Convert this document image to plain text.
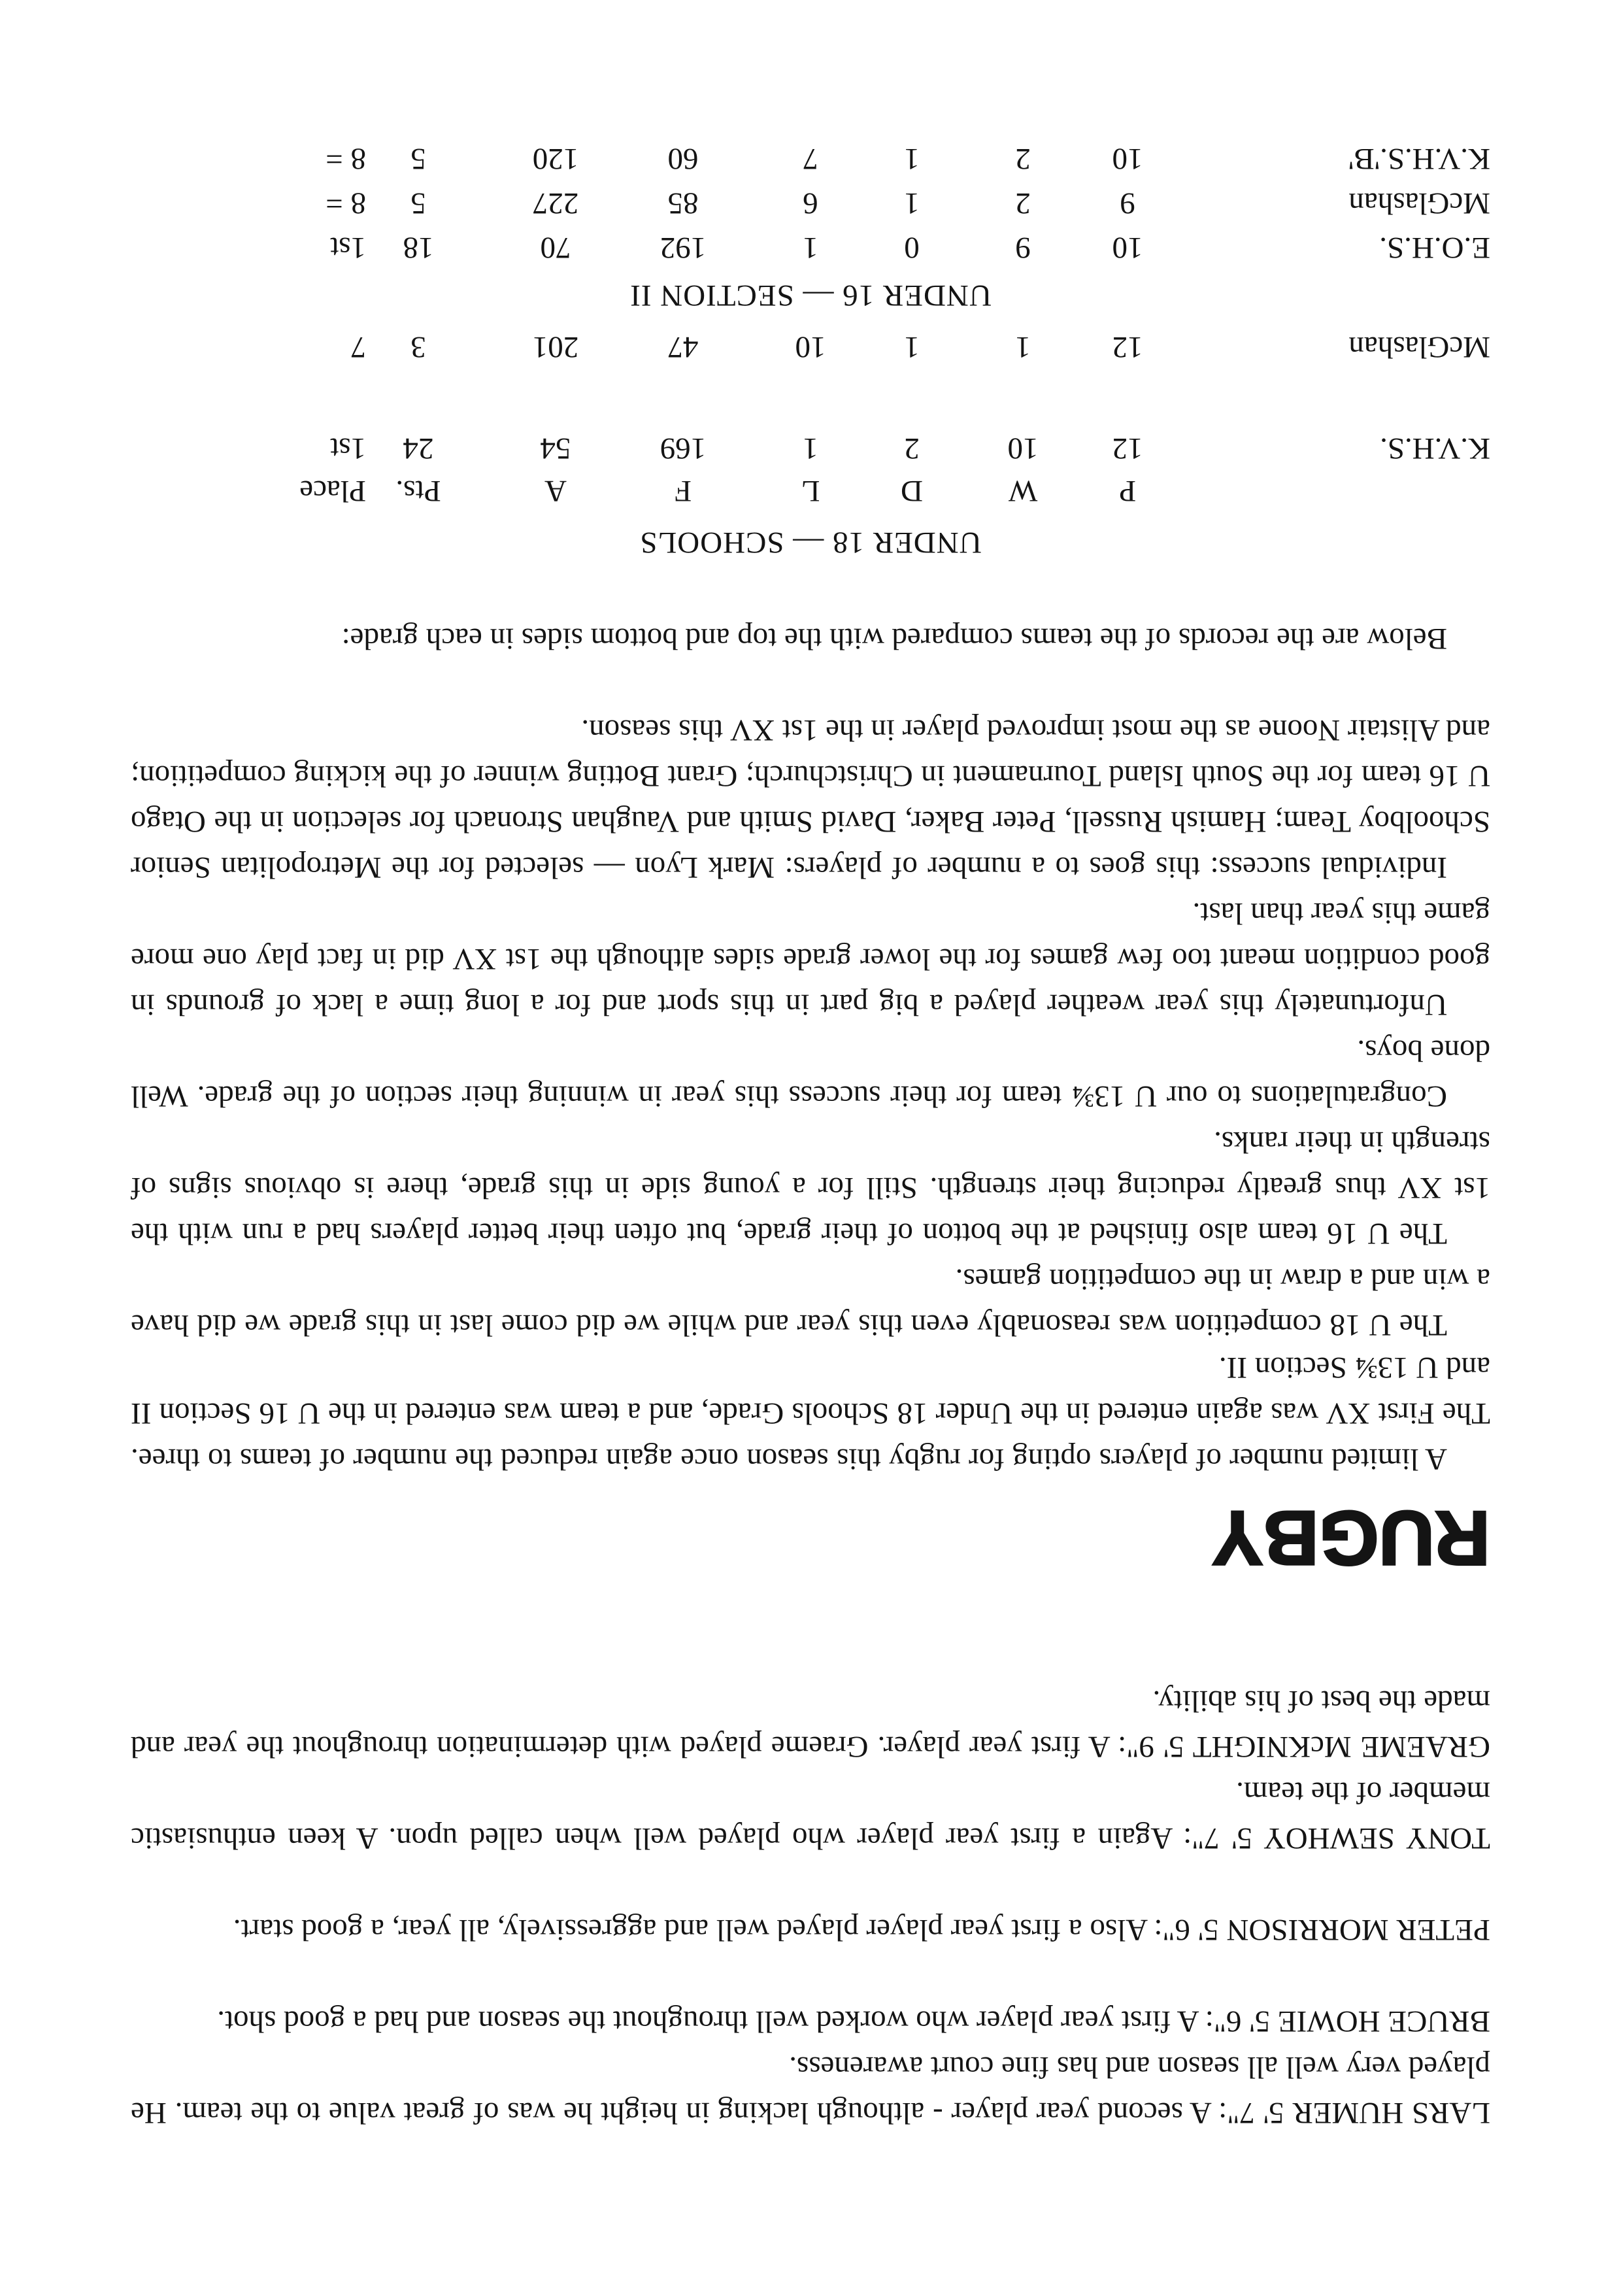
LARS HUMER 5' 7": A second year player - although lacking in height he was of great value to the team. He played very well all season and has fine court awareness.

BRUCE HOWIE 5' 6": A first year player who worked well throughout the season and had a good shot.

PETER MORRISON 5' 6": Also a first year player played well and aggressively, all year, a good start.

TONY SEWHOY 5' 7": Again a first year player who played well when called upon. A keen enthusiastic member of the team.

GRAEME McKNIGHT 5' 9": A first year player. Graeme played with determination throughout the year and made the best of his ability.

RUGBY

A limited number of players opting for rugby this season once again reduced the number of teams to three. The First XV was again entered in the Under 18 Schools Grade, and a team was entered in the U 16 Section II and U 13¾ Section II.

The U 18 competition was reasonably even this year and while we did come last in this grade we did have a win and a draw in the competition games.

The U 16 team also finished at the botton of their grade, but often their better players had a run with the 1st XV thus greatly reducing their strength. Still for a young side in this grade, there is obvious signs of strength in their ranks.

Congratulations to our U 13¾ team for their success this year in winning their section of the grade. Well done boys.

Unfortunately this year weather played a big part in this sport and for a long time a lack of grounds in good condition meant too few games for the lower grade sides although the 1st XV did in fact play one more game this year than last.

Individual success: this goes to a number of players: Mark Lyon — selected for the Metropolitan Senior Schoolboy Team; Hamish Russell, Peter Baker, David Smith and Vaughan Stronach for selection in the Otago U 16 team for the South Island Tournament in Christchurch; Grant Botting winner of the kicking competition; and Alistair Noone as the most improved player in the 1st XV this season.

Below are the records of the teams compared with the top and bottom sides in each grade:

UNDER 18 — SCHOOLS
P
W
D
L
F
A
Pts.
Place
K.V.H.S.
12
10
2
1
169
54
24
1st
McGlashan
12
1
1
10
47
201
3
7
UNDER 16 — SECTION II
E.O.H.S.
10
9
0
1
192
70
18
1st
McGlashan
9
2
1
6
85
227
5
8 =
K.V.H.S.'B'
10
2
1
7
60
120
5
8 =
